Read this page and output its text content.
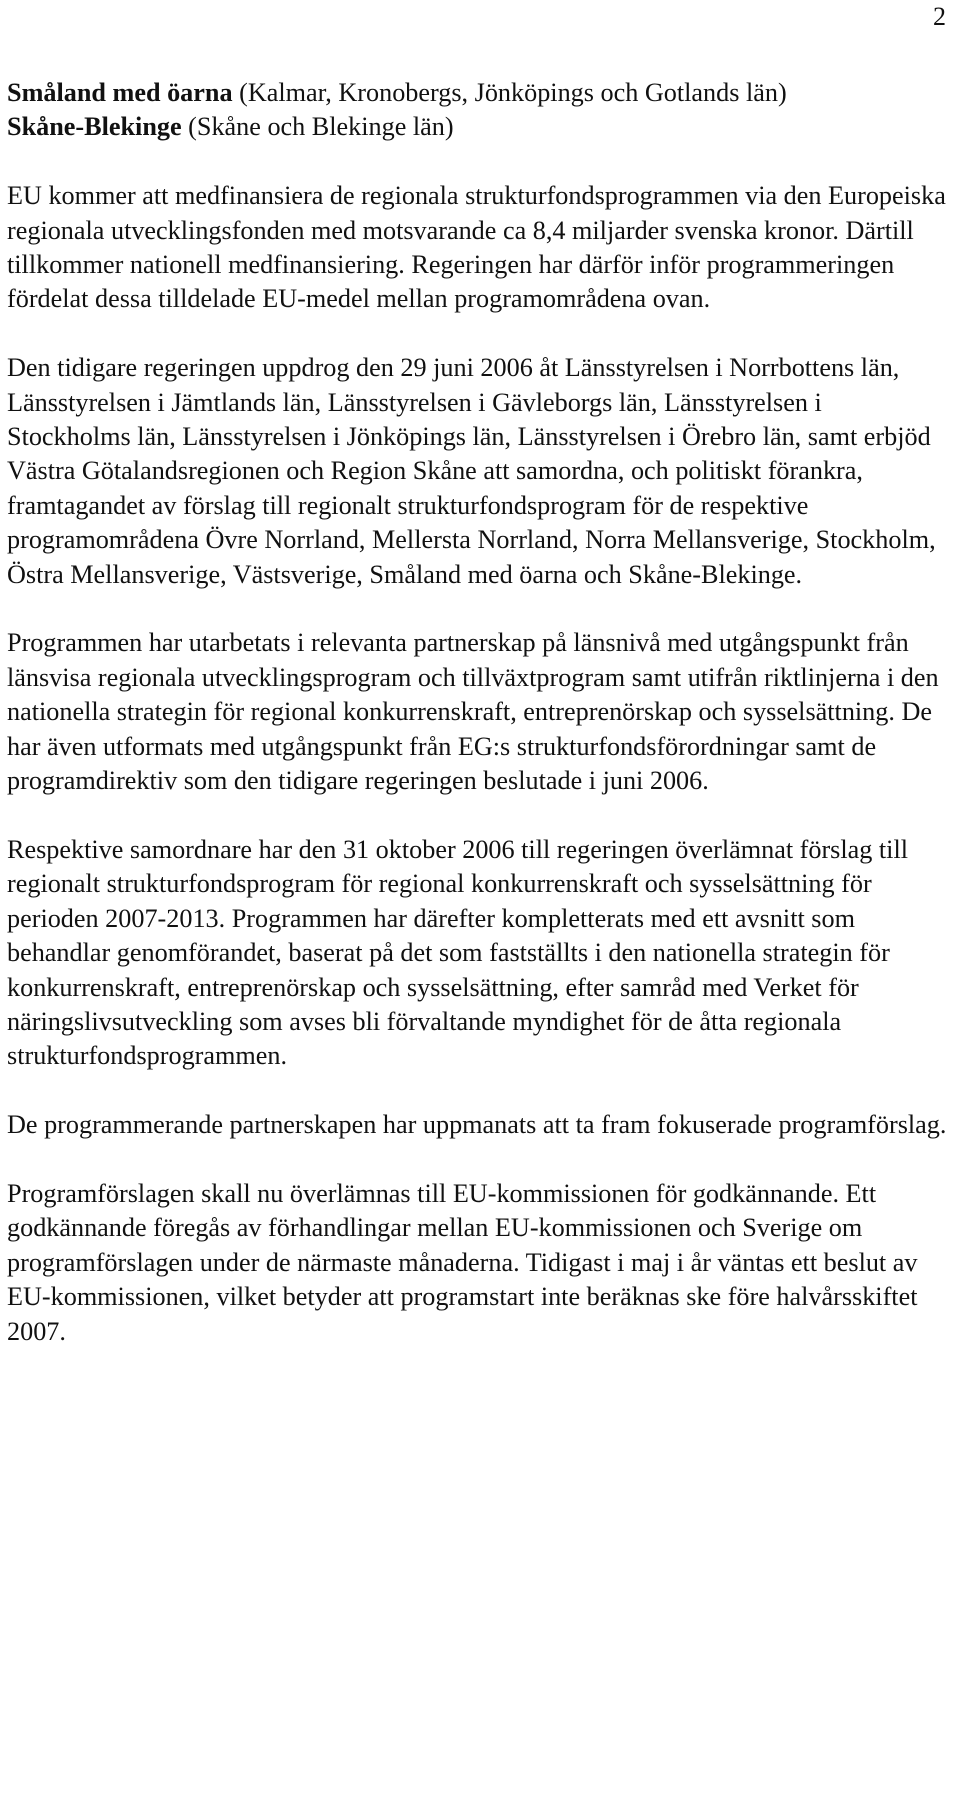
2

Småland med öarna (Kalmar, Kronobergs, Jönköpings och Gotlands län)

Skåne-Blekinge (Skåne och Blekinge län)

EU kommer att medfinansiera de regionala strukturfondsprogrammen via den Europeiska regionala utvecklingsfonden med motsvarande ca 8,4 miljarder svenska kronor. Därtill tillkommer nationell medfinansiering. Regeringen har därför inför programmeringen fördelat dessa tilldelade EU-medel mellan programområdena ovan.

Den tidigare regeringen uppdrog den 29 juni 2006 åt Länsstyrelsen i Norrbottens län, Länsstyrelsen i Jämtlands län, Länsstyrelsen i Gävleborgs län, Länsstyrelsen i Stockholms län, Länsstyrelsen i Jönköpings län, Länsstyrelsen i Örebro län, samt erbjöd Västra Götalandsregionen och Region Skåne att samordna, och politiskt förankra, framtagandet av förslag till regionalt strukturfondsprogram för de respektive programområdena Övre Norrland, Mellersta Norrland, Norra Mellansverige, Stockholm, Östra Mellansverige, Västsverige, Småland med öarna och Skåne-Blekinge.

Programmen har utarbetats i relevanta partnerskap på länsnivå med utgångspunkt från länsvisa regionala utvecklingsprogram och tillväxtprogram samt utifrån riktlinjerna i den nationella strategin för regional konkurrenskraft, entreprenörskap och sysselsättning. De har även utformats med utgångspunkt från EG:s strukturfondsförordningar samt de programdirektiv som den tidigare regeringen beslutade i juni 2006.

Respektive samordnare har den 31 oktober 2006 till regeringen överlämnat förslag till regionalt strukturfondsprogram för regional konkurrenskraft och sysselsättning för perioden 2007-2013. Programmen har därefter kompletterats med ett avsnitt som behandlar genomförandet, baserat på det som fastställts i den nationella strategin för konkurrenskraft, entreprenörskap och sysselsättning, efter samråd med Verket för näringslivsutveckling som avses bli förvaltande myndighet för de åtta regionala strukturfondsprogrammen.

De programmerande partnerskapen har uppmanats att ta fram fokuserade programförslag.

Programförslagen skall nu överlämnas till EU-kommissionen för godkännande. Ett godkännande föregås av förhandlingar mellan EU-kommissionen och Sverige om programförslagen under de närmaste månaderna. Tidigast i maj i år väntas ett beslut av EU-kommissionen, vilket betyder att programstart inte beräknas ske före halvårsskiftet 2007.
